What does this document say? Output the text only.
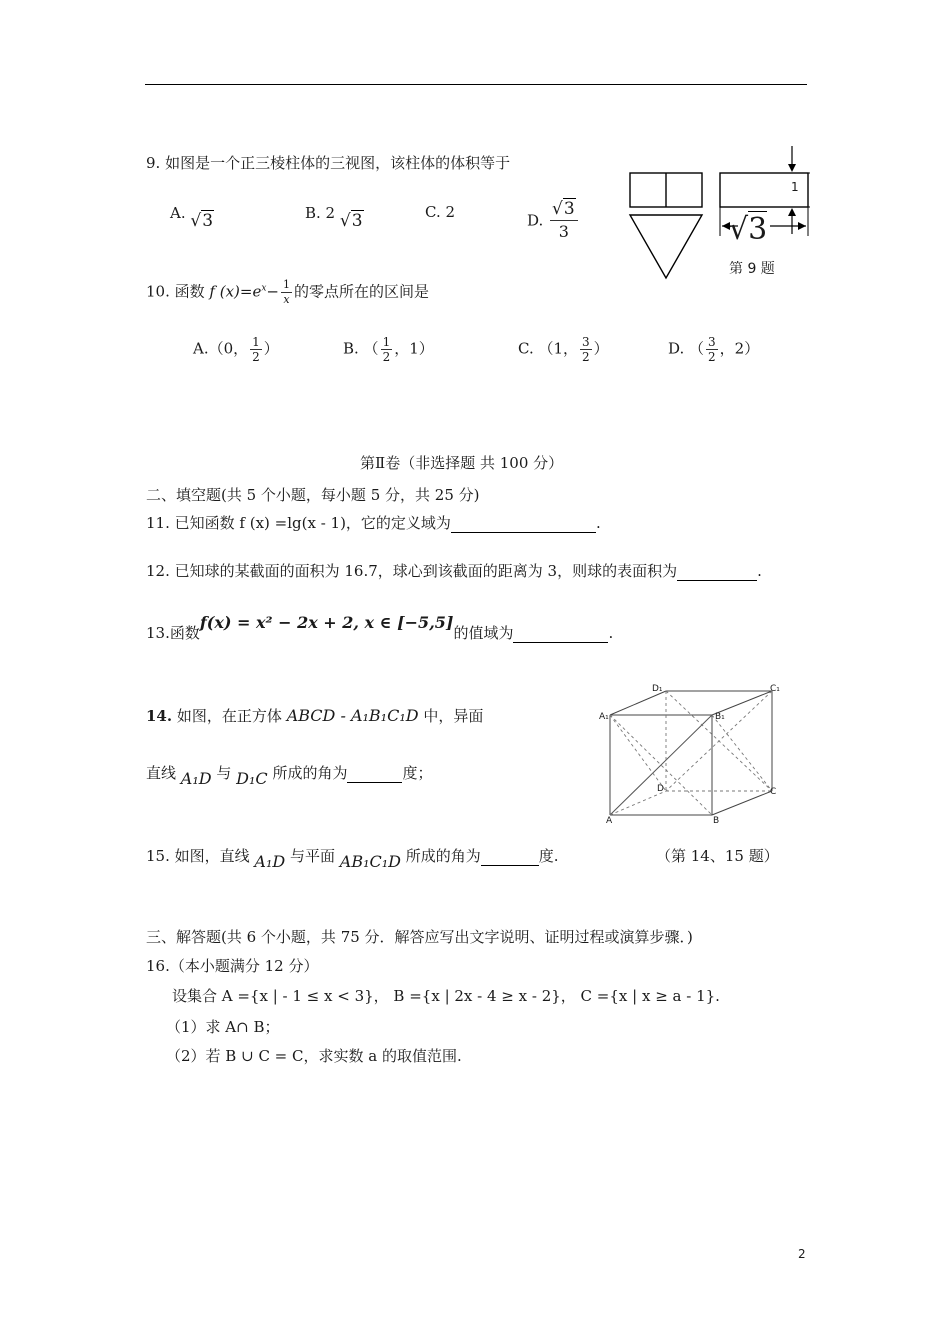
9. 如图是一个正三棱柱体的三视图，该柱体的体积等于
A. √3	B. 2 √3	C. 2	D. $\frac{√3}{3}$
1
√3
第 9 题
10. 函数 f $(x)=e^x- \frac{1}{x}$ 的零点所在的区间是
A.（0， $\frac{1}{2}$ ）	B. （ $\frac{1}{2}$ ，1）	C. （1， $\frac{3}{2}$ ）	D. （ $\frac{3}{2}$ ，2）
第Ⅱ卷（非选择题 共 100 分）
二、填空题(共 5 个小题，每小题 5 分，共 25 分)
11. 已知函数 f (x) =lg(x - 1)，它的定义域为	.
12. 已知球的某截面的面积为 16.7，球心到该截面的距离为 3，则球的表面积为	.
13.函数f(x) = x² − 2x + 2, x ∈ [−5,5]的值域为	.
14. 如图，在正方体 ABCD - A₁B₁C₁D 中，异面
直线 A₁D 与 D₁C 所成的角为	度；
D₁	C₁
A₁	B₁
D	C
A	B
15. 如图，直线 A₁D 与平面 AB₁C₁D 所成的角为	度.	（第 14、15 题）
三、解答题(共 6 个小题，共 75 分．解答应写出文字说明、证明过程或演算步骤．)
16.（本小题满分 12 分）
设集合 A ={x | - 1 ≤ x < 3}， B ={x | 2x - 4 ≥ x - 2}， C ={x | x ≥ a - 1}.
（1）求 A∩ B；
（2）若 B ∪ C = C，求实数 a 的取值范围.
2
